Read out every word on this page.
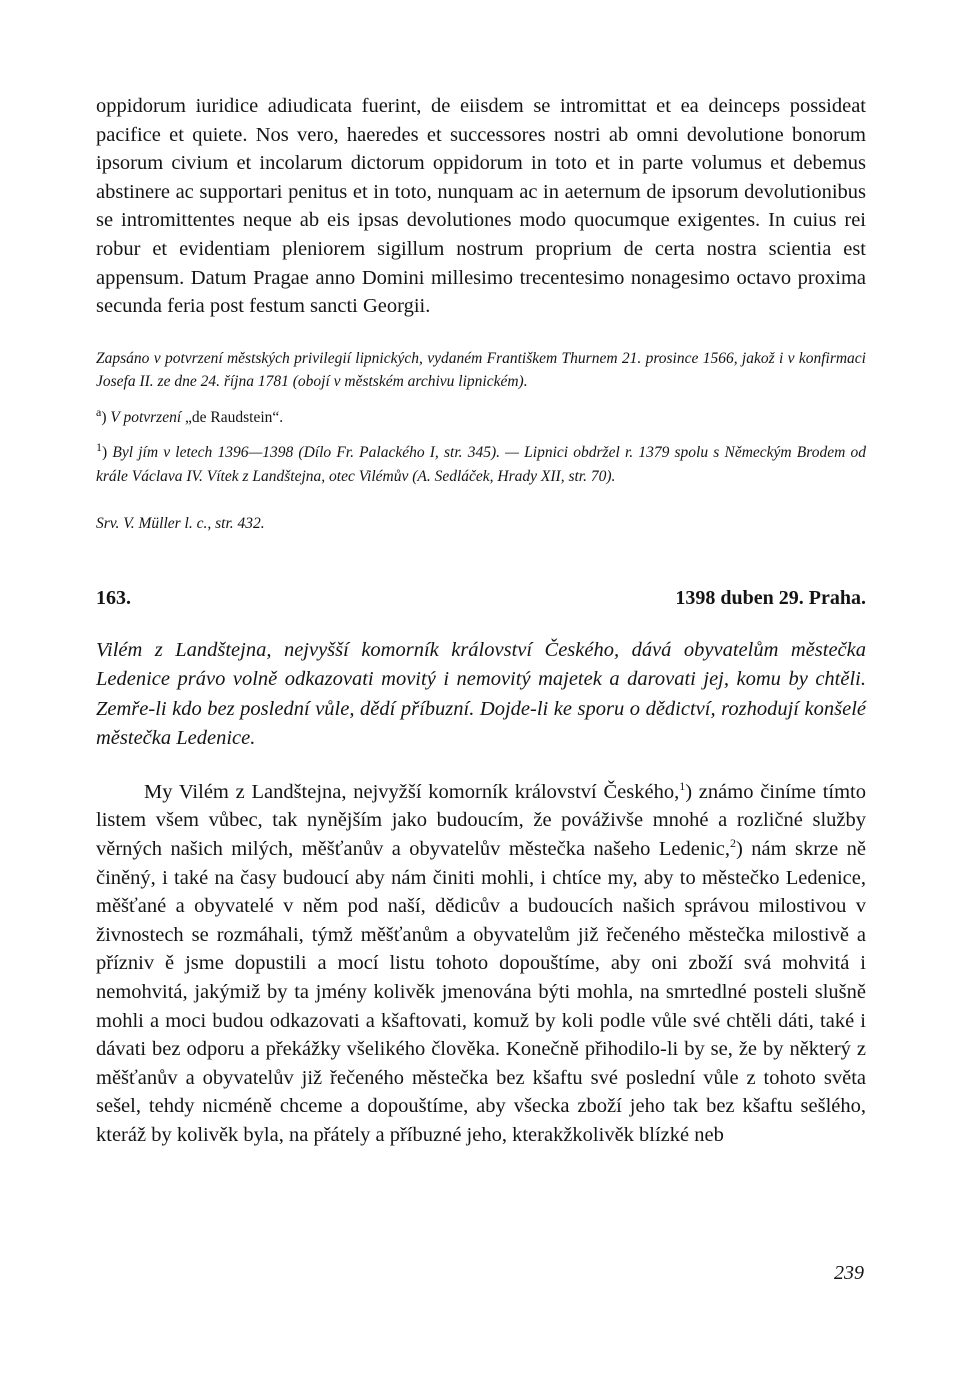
oppidorum iuridice adiudicata fuerint, de eiisdem se intromittat et ea deinceps possideat pacifice et quiete. Nos vero, haeredes et successores nostri ab omni devolutione bonorum ipsorum civium et incolarum dictorum oppidorum in toto et in parte volumus et debemus abstinere ac supportari penitus et in toto, nunquam ac in aeternum de ipsorum devolutionibus se intromittentes neque ab eis ipsas devolutiones modo quocumque exigentes. In cuius rei robur et evidentiam pleniorem sigillum nostrum proprium de certa nostra scientia est appensum. Datum Pragae anno Domini millesimo trecentesimo nonagesimo octavo proxima secunda feria post festum sancti Georgii.

Zapsáno v potvrzení městských privilegií lipnických, vydaném Františkem Thurnem 21. prosince 1566, jakož i v konfirmaci Josefa II. ze dne 24. října 1781 (obojí v městském archivu lipnickém).

$^a$) V potvrzení „de Raudstein“.

$^1$) Byl jím v letech 1396—1398 (Dílo Fr. Palackého I, str. 345). — Lipnici obdržel r. 1379 spolu s Německým Brodem od krále Václava IV. Vítek z Landštejna, otec Vilémův (A. Sedláček, Hrady XII, str. 70).

Srv. V. Müller l. c., str. 432.

163.	1398 duben 29. Praha.

Vilém z Landštejna, nejvyšší komorník království Českého, dává obyvatelům městečka Ledenice právo volně odkazovati movitý i nemovitý majetek a darovati jej, komu by chtěli. Zemře-li kdo bez poslední vůle, dědí příbuzní. Dojde-li ke sporu o dědictví, rozhodují konšelé městečka Ledenice.

My Vilém z Landštejna, nejvyžší komorník království Českého,$^1$) známo činíme tímto listem všem vůbec, tak nynějším jako budoucím, že pováživše mnohé a rozličné služby věrných našich milých, měšťanův a obyvatelův městečka našeho Ledenic,$^2$) nám skrze ně činěný, i také na časy budoucí aby nám činiti mohli, i chtíce my, aby to městečko Ledenice, měšťané a obyvatelé v něm pod naší, dědicův a budoucích našich správou milostivou v živnostech se rozmáhali, týmž měšťanům a obyvatelům již řečeného městečka milostivě a přízniv ě jsme dopustili a mocí listu tohoto dopouštíme, aby oni zboží svá mohvitá i nemohvitá, jakýmiž by ta jmény kolivěk jmenována býti mohla, na smrtedlné posteli slušně mohli a moci budou odkazovati a kšaftovati, komuž by koli podle vůle své chtěli dáti, také i dávati bez odporu a překážky všelikého člověka. Konečně přihodilo-li by se, že by některý z měšťanův a obyvatelův již řečeného městečka bez kšaftu své poslední vůle z tohoto světa sešel, tehdy nicméně chceme a dopouštíme, aby všecka zboží jeho tak bez kšaftu sešlého, kteráž by kolivěk byla, na přátely a příbuzné jeho, kterakžkolivěk blízké neb

239
